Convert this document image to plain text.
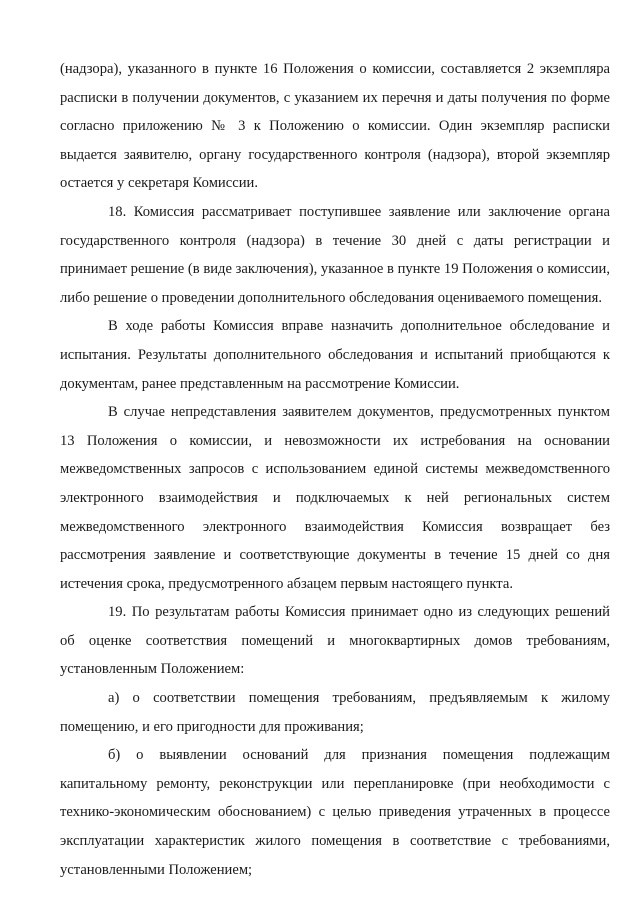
(надзора), указанного в пункте 16 Положения о комиссии, составляется 2 экземпляра расписки в получении документов, с указанием их перечня и даты получения по форме согласно приложению № 3 к Положению о комиссии. Один экземпляр расписки выдается заявителю, органу государственного контроля (надзора), второй экземпляр остается у секретаря Комиссии.

18. Комиссия рассматривает поступившее заявление или заключение органа государственного контроля (надзора) в течение 30 дней с даты регистрации и принимает решение (в виде заключения), указанное в пункте 19 Положения о комиссии, либо решение о проведении дополнительного обследования оцениваемого помещения.

В ходе работы Комиссия вправе назначить дополнительное обследование и испытания. Результаты дополнительного обследования и испытаний приобщаются к документам, ранее представленным на рассмотрение Комиссии.

В случае непредставления заявителем документов, предусмотренных пунктом 13 Положения о комиссии, и невозможности их истребования на основании межведомственных запросов с использованием единой системы межведомственного электронного взаимодействия и подключаемых к ней региональных систем межведомственного электронного взаимодействия Комиссия возвращает без рассмотрения заявление и соответствующие документы в течение 15 дней со дня истечения срока, предусмотренного абзацем первым настоящего пункта.

19. По результатам работы Комиссия принимает одно из следующих решений об оценке соответствия помещений и многоквартирных домов требованиям, установленным Положением:

а) о соответствии помещения требованиям, предъявляемым к жилому помещению, и его пригодности для проживания;

б) о выявлении оснований для признания помещения подлежащим капитальному ремонту, реконструкции или перепланировке (при необходимости с технико-экономическим обоснованием) с целью приведения утраченных в процессе эксплуатации характеристик жилого помещения в соответствие с требованиями, установленными Положением;
